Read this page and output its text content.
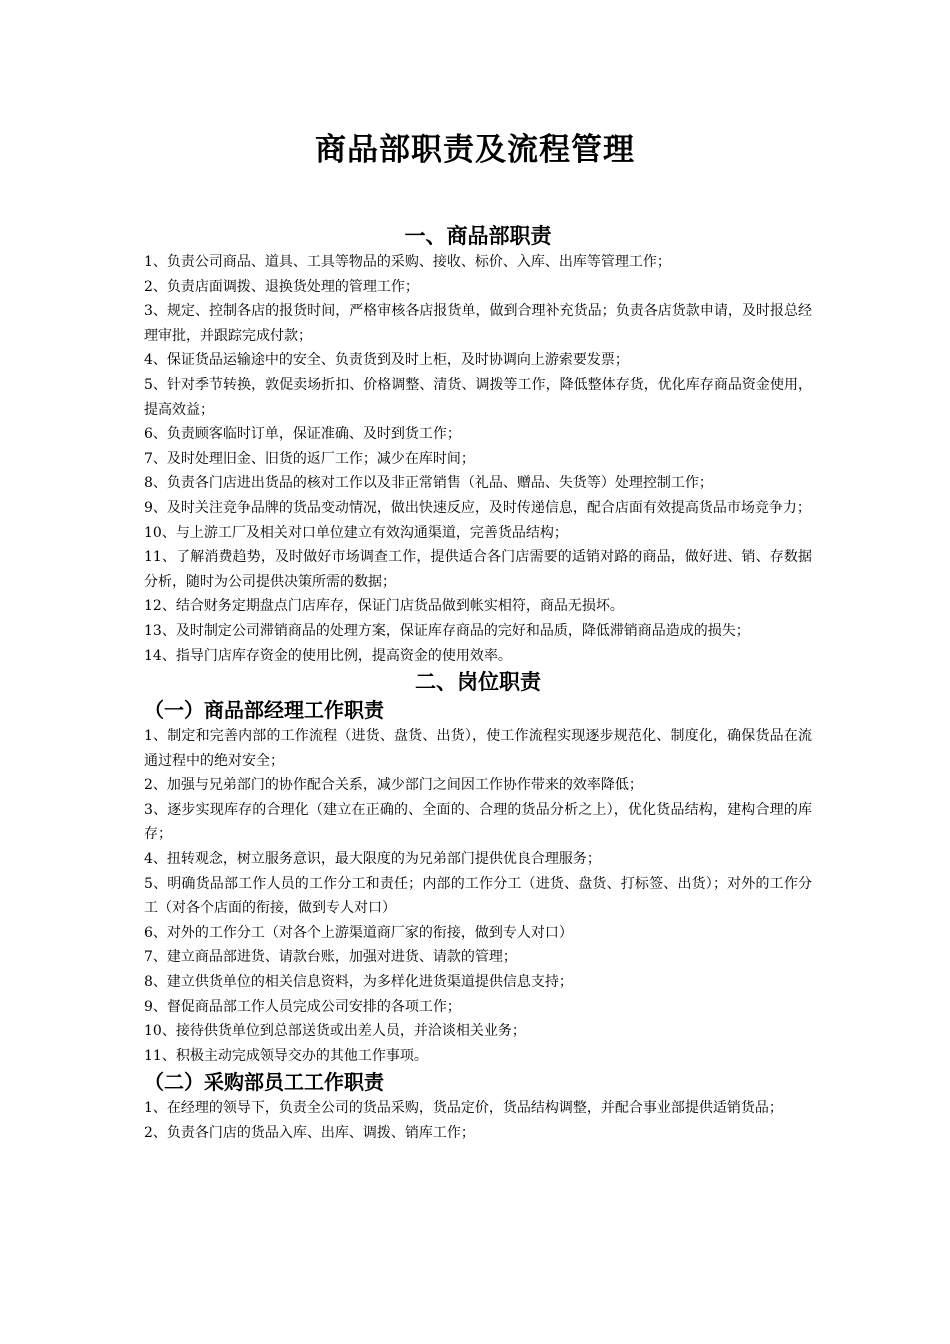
商品部职责及流程管理
一、商品部职责

1、负责公司商品、道具、工具等物品的采购、接收、标价、入库、出库等管理工作；

2、负责店面调拨、退换货处理的管理工作；

3、规定、控制各店的报货时间，严格审核各店报货单，做到合理补充货品；负责各店货款申请，及时报总经理审批，并跟踪完成付款；

4、保证货品运输途中的安全、负责货到及时上柜，及时协调向上游索要发票；

5、针对季节转换，敦促卖场折扣、价格调整、清货、调拨等工作，降低整体存货，优化库存商品资金使用，提高效益；

6、负责顾客临时订单，保证准确、及时到货工作；

7、及时处理旧金、旧货的返厂工作；减少在库时间；

8、负责各门店进出货品的核对工作以及非正常销售（礼品、赠品、失货等）处理控制工作；

9、及时关注竞争品牌的货品变动情况，做出快速反应，及时传递信息，配合店面有效提高货品市场竞争力；

10、与上游工厂及相关对口单位建立有效沟通渠道，完善货品结构；

11、了解消费趋势，及时做好市场调查工作，提供适合各门店需要的适销对路的商品，做好进、销、存数据分析，随时为公司提供决策所需的数据；

12、结合财务定期盘点门店库存，保证门店货品做到帐实相符，商品无损坏。

13、及时制定公司滞销商品的处理方案，保证库存商品的完好和品质，降低滞销商品造成的损失；

14、指导门店库存资金的使用比例，提高资金的使用效率。

二、岗位职责
（一）商品部经理工作职责

1、制定和完善内部的工作流程（进货、盘货、出货），使工作流程实现逐步规范化、制度化，确保货品在流通过程中的绝对安全；

2、加强与兄弟部门的协作配合关系，减少部门之间因工作协作带来的效率降低；

3、逐步实现库存的合理化（建立在正确的、全面的、合理的货品分析之上），优化货品结构，建构合理的库存；

4、扭转观念，树立服务意识，最大限度的为兄弟部门提供优良合理服务；

5、明确货品部工作人员的工作分工和责任；内部的工作分工（进货、盘货、打标签、出货）；对外的工作分工（对各个店面的衔接，做到专人对口）

6、对外的工作分工（对各个上游渠道商厂家的衔接，做到专人对口）

7、建立商品部进货、请款台账，加强对进货、请款的管理；

8、建立供货单位的相关信息资料，为多样化进货渠道提供信息支持；

9、督促商品部工作人员完成公司安排的各项工作；

10、接待供货单位到总部送货或出差人员，并洽谈相关业务；

11、积极主动完成领导交办的其他工作事项。

（二）采购部员工工作职责

1、在经理的领导下，负责全公司的货品采购，货品定价，货品结构调整，并配合事业部提供适销货品；

2、负责各门店的货品入库、出库、调拨、销库工作；
